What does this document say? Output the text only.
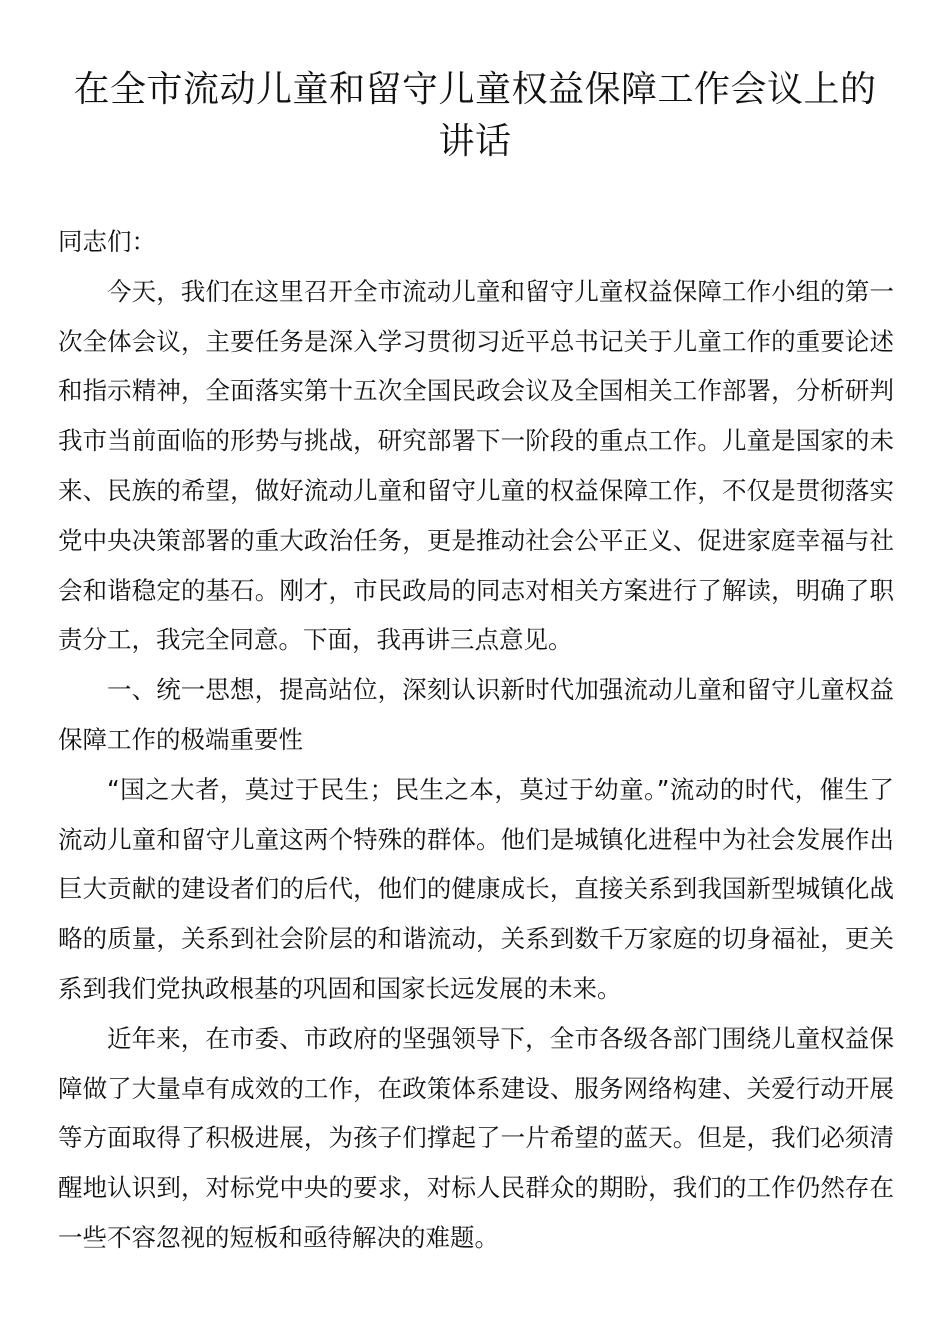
在全市流动儿童和留守儿童权益保障工作会议上的讲话

同志们：

今天，我们在这里召开全市流动儿童和留守儿童权益保障工作小组的第一次全体会议，主要任务是深入学习贯彻习近平总书记关于儿童工作的重要论述和指示精神，全面落实第十五次全国民政会议及全国相关工作部署，分析研判我市当前面临的形势与挑战，研究部署下一阶段的重点工作。儿童是国家的未来、民族的希望，做好流动儿童和留守儿童的权益保障工作，不仅是贯彻落实党中央决策部署的重大政治任务，更是推动社会公平正义、促进家庭幸福与社会和谐稳定的基石。刚才，市民政局的同志对相关方案进行了解读，明确了职责分工，我完全同意。下面，我再讲三点意见。

一、统一思想，提高站位，深刻认识新时代加强流动儿童和留守儿童权益保障工作的极端重要性

“国之大者，莫过于民生；民生之本，莫过于幼童。”流动的时代，催生了流动儿童和留守儿童这两个特殊的群体。他们是城镇化进程中为社会发展作出巨大贡献的建设者们的后代，他们的健康成长，直接关系到我国新型城镇化战略的质量，关系到社会阶层的和谐流动，关系到数千万家庭的切身福祉，更关系到我们党执政根基的巩固和国家长远发展的未来。

近年来，在市委、市政府的坚强领导下，全市各级各部门围绕儿童权益保障做了大量卓有成效的工作，在政策体系建设、服务网络构建、关爱行动开展等方面取得了积极进展，为孩子们撑起了一片希望的蓝天。但是，我们必须清醒地认识到，对标党中央的要求，对标人民群众的期盼，我们的工作仍然存在一些不容忽视的短板和亟待解决的难题。
